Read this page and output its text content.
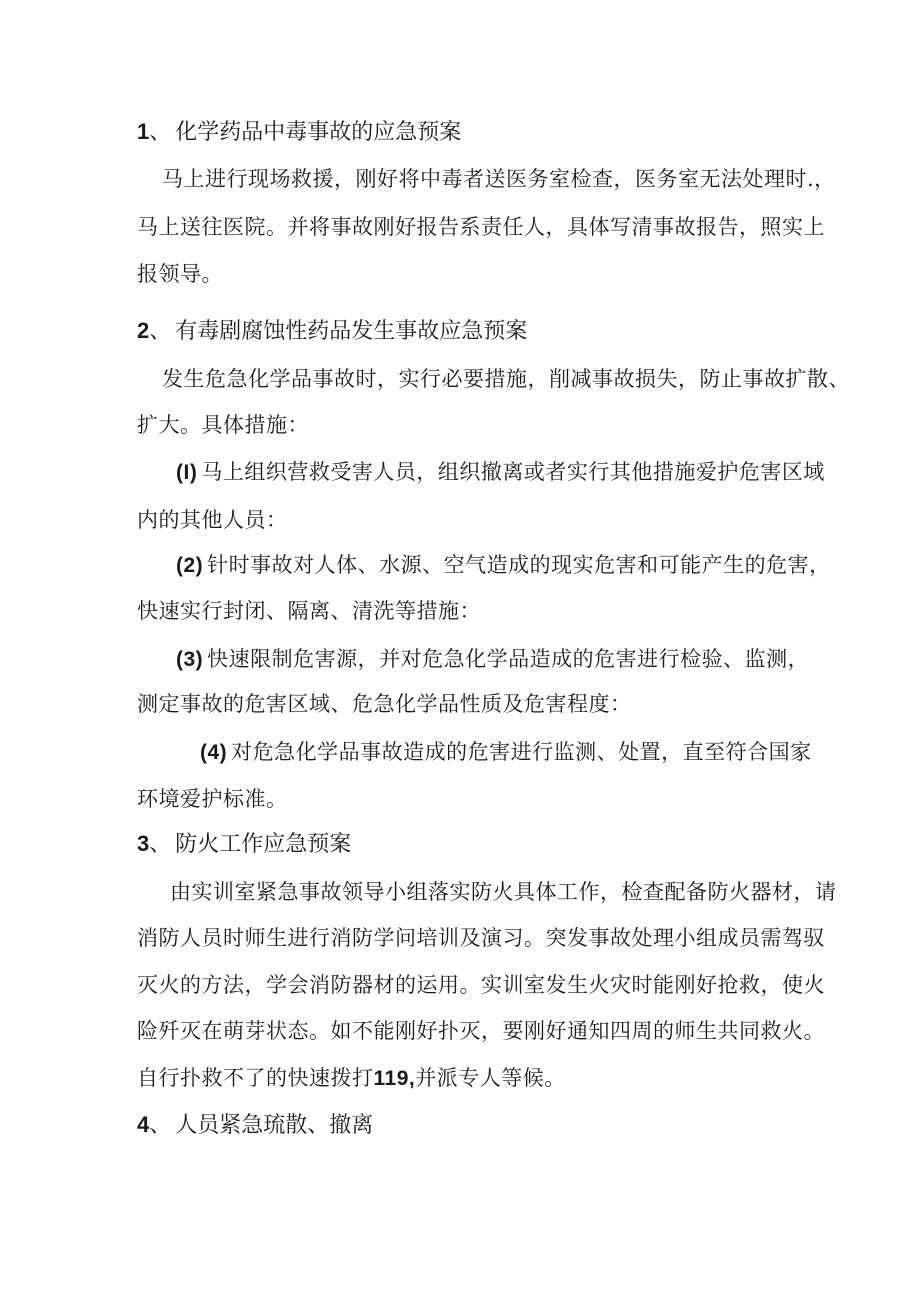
1、 化学药品中毒事故的应急预案
马上进行现场救援，刚好将中毒者送医务室检查，医务室无法处理时.，
马上送往医院。并将事故刚好报告系责任人，具体写清事故报告，照实上
报领导。
2、 有毒剧腐蚀性药品发生事故应急预案
发生危急化学品事故时，实行必要措施，削减事故损失，防止事故扩散、
扩大。具体措施：
(I) 马上组织营救受害人员，组织撤离或者实行其他措施爱护危害区域
内的其他人员：
(2) 针时事故对人体、水源、空气造成的现实危害和可能产生的危害，
快速实行封闭、隔离、清洗等措施：
(3) 快速限制危害源，并对危急化学品造成的危害进行检验、监测，
测定事故的危害区域、危急化学品性质及危害程度：
(4) 对危急化学品事故造成的危害进行监测、处置，直至符合国家
环境爱护标准。
3、 防火工作应急预案
由实训室紧急事故领导小组落实防火具体工作，检查配备防火器材，请
消防人员时师生进行消防学问培训及演习。突发事故处理小组成员需驾驭
灭火的方法，学会消防器材的运用。实训室发生火灾时能刚好抢救，使火
险歼灭在萌芽状态。如不能刚好扑灭，要刚好通知四周的师生共同救火。
自行扑救不了的快速拨打119,并派专人等候。
4、 人员紧急琉散、撤离
